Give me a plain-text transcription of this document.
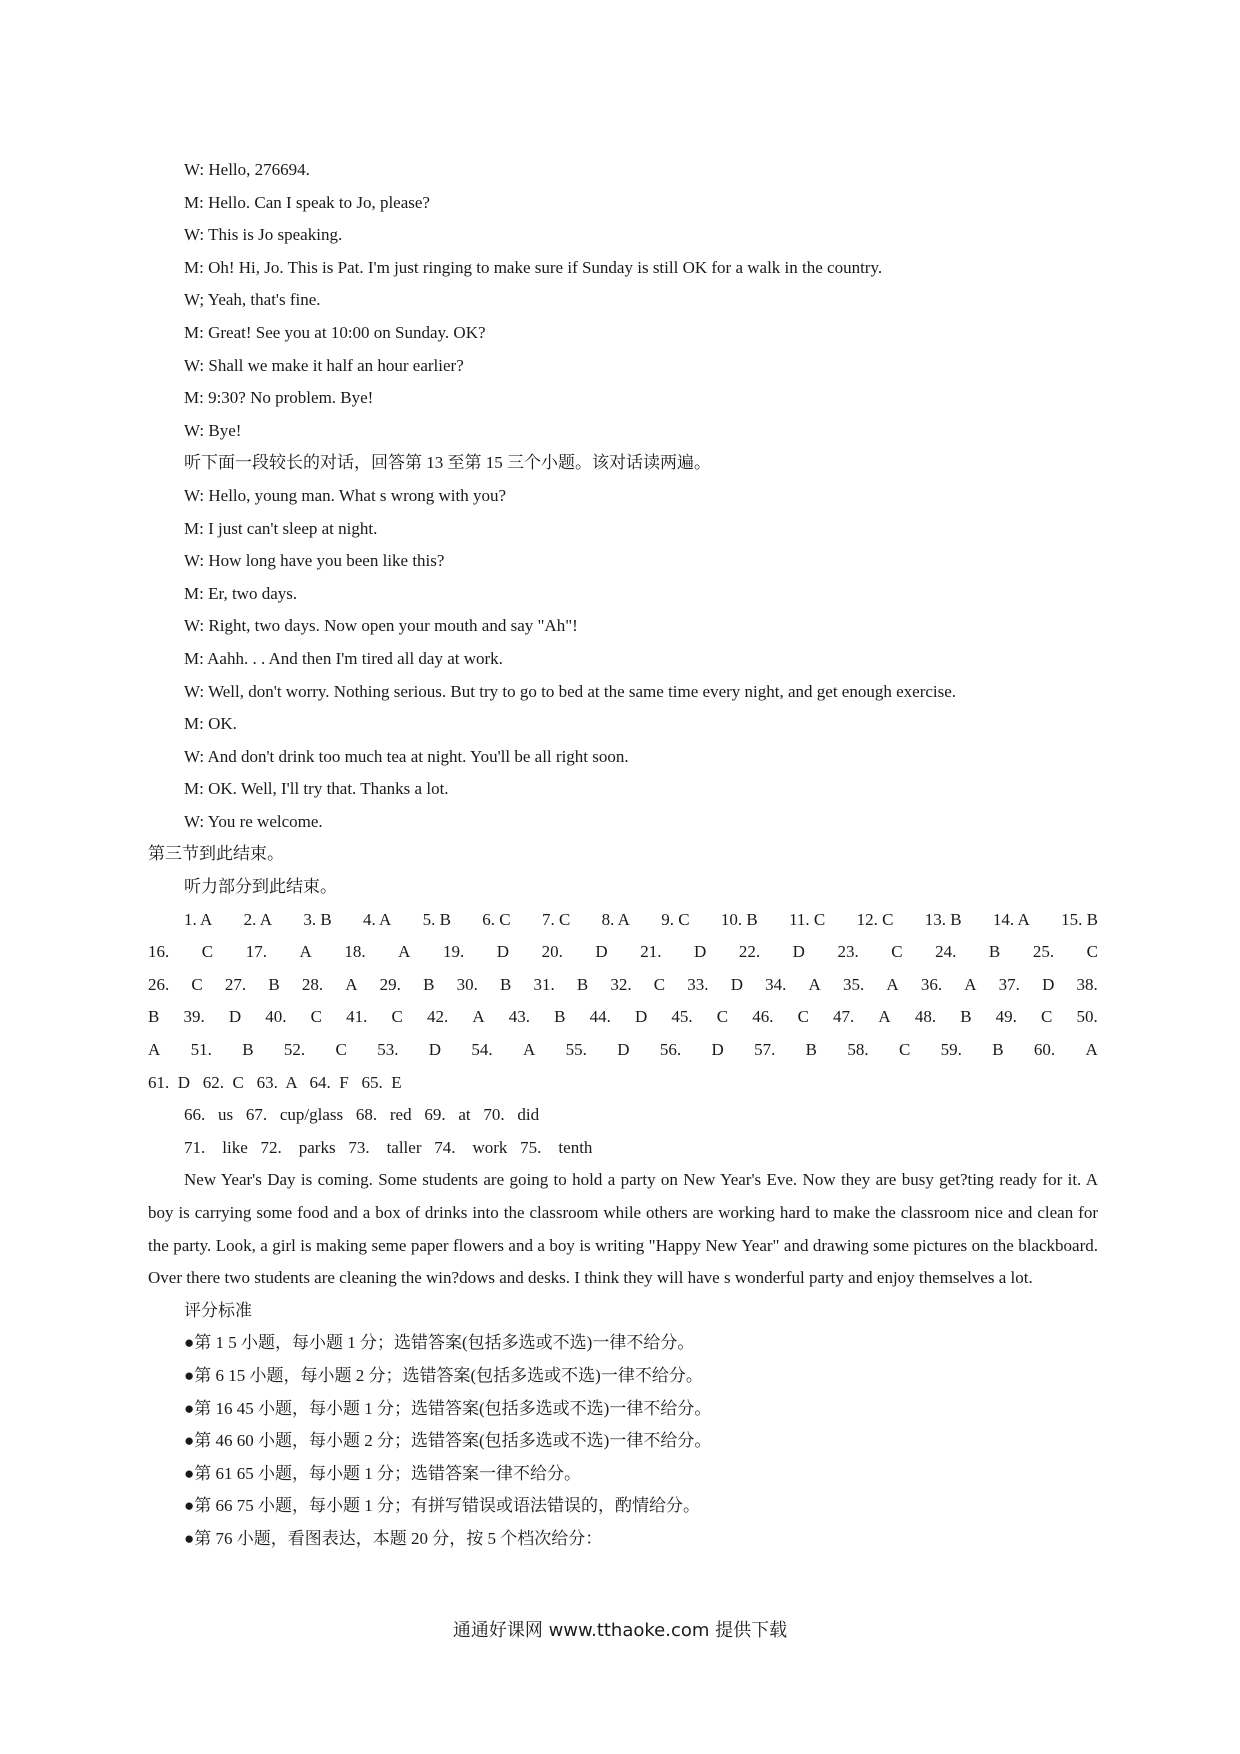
W: Hello, 276694.
M: Hello. Can I speak to Jo, please?
W: This is Jo speaking.
M: Oh! Hi, Jo. This is Pat. I'm just ringing to make sure if Sunday is still OK for a walk in the country.
W; Yeah, that's fine.
M: Great! See you at 10:00 on Sunday. OK?
W: Shall we make it half an hour earlier?
M: 9:30? No problem. Bye!
W: Bye!
听下面一段较长的对话，回答第 13 至第 15 三个小题。该对话读两遍。
W: Hello, young man. What s wrong with you?
M: I just can't sleep at night.
W: How long have you been like this?
M: Er, two days.
W: Right, two days. Now open your mouth and say "Ah"!
M: Aahh. . . And then I'm tired all day at work.
W: Well, don't worry. Nothing serious. But try to go to bed at the same time every night, and get enough exercise.
M: OK.
W: And don't drink too much tea at night. You'll be all right soon.
M: OK. Well, I'll try that. Thanks a lot.
W: You re welcome.
第三节到此结束。
听力部分到此结束。
1. A 2. A 3. B 4. A 5. B 6. C 7. C 8. A 9. C 10. B 11. C 12. C 13. B 14. A 15. B
16. C 17. A 18. A 19. D 20. D 21. D 22. D 23. C 24. B 25. C
26. C 27. B 28. A 29. B 30. B 31. B 32. C 33. D 34. A 35. A 36. A 37. D 38.
B 39. D 40. C 41. C 42. A 43. B 44. D 45. C 46. C 47. A 48. B 49. C 50.
A 51. B 52. C 53. D 54. A 55. D 56. D 57. B 58. C 59. B 60. A
61.  D   62.  C   63.  A   64.  F   65.  E
66.   us   67.   cup/glass   68.   red   69.   at   70.   did
71.    like   72.    parks   73.    taller   74.    work   75.    tenth
New Year's Day is coming. Some students are going to hold a party on New Year's Eve. Now they are busy get?ting ready for it. A boy is carrying some food and a box of drinks into the classroom while others are working hard to make the classroom nice and clean for the party. Look, a girl is making seme paper flowers and a boy is writing "Happy New Year" and drawing some pictures on the blackboard. Over there two students are cleaning the win?dows and desks. I think they will have s wonderful party and enjoy themselves a lot.
评分标准
●第 1 5 小题，每小题 1 分；选错答案(包括多选或不选)一律不给分。
●第 6 15 小题，每小题 2 分；选错答案(包括多选或不选)一律不给分。
●第 16 45 小题，每小题 1 分；选错答案(包括多选或不选)一律不给分。
●第 46 60 小题，每小题 2 分；选错答案(包括多选或不选)一律不给分。
●第 61 65 小题，每小题 1 分；选错答案一律不给分。
●第 66 75 小题，每小题 1 分；有拼写错误或语法错误的，酌情给分。
●第 76 小题，看图表达，本题 20 分，按 5 个档次给分：
通通好课网 www.tthaoke.com 提供下载
